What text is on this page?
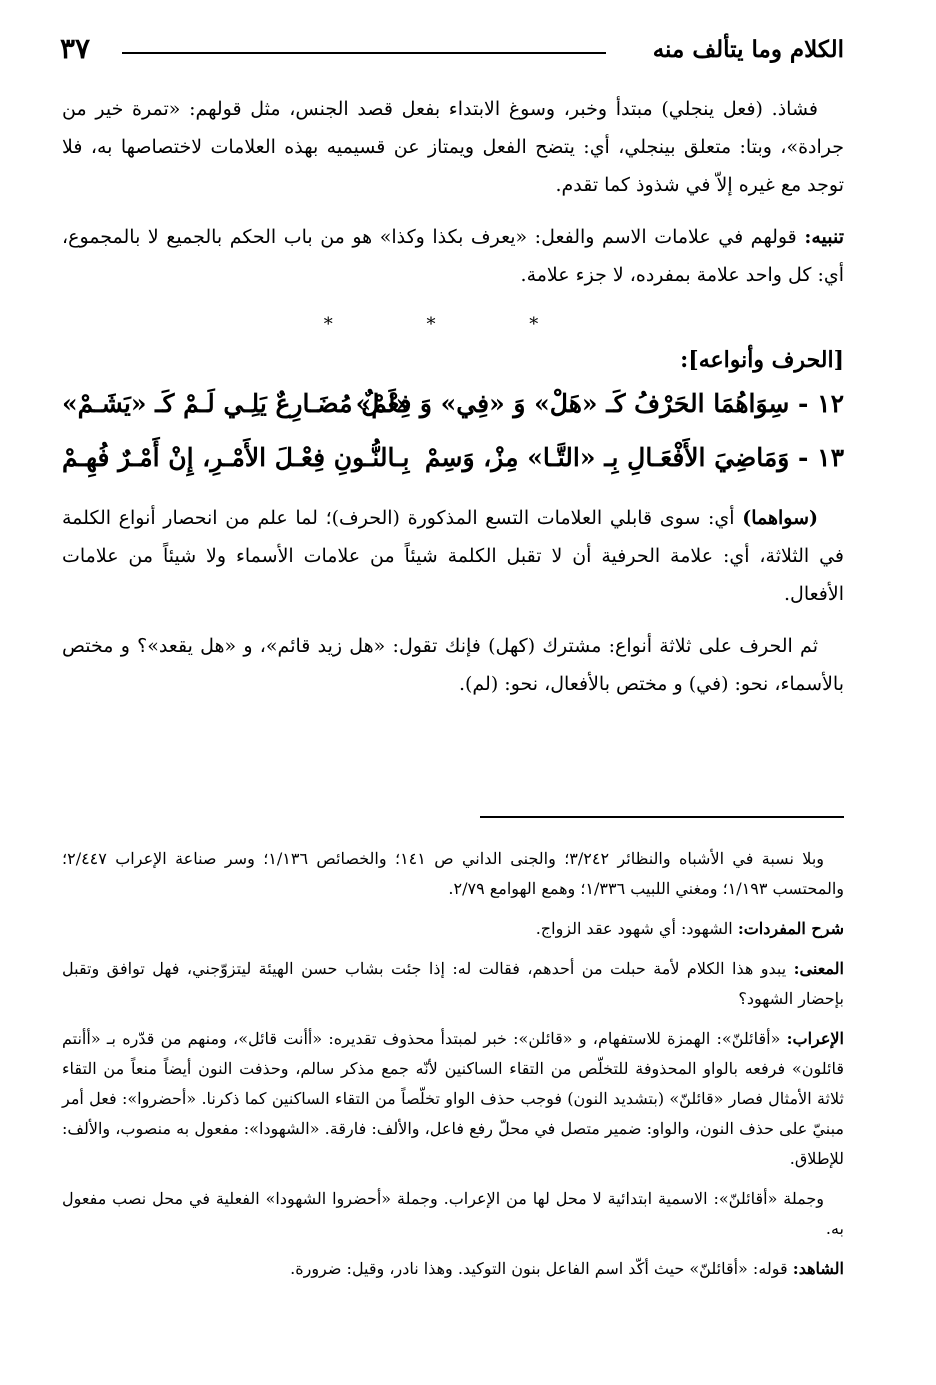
الكلام وما يتألف منه
٣٧

فشاذ. (فعل ينجلي) مبتدأ وخبر، وسوغ الابتداء بفعل قصد الجنس، مثل قولهم: «تمرة خير من جرادة»، وبتا: متعلق بينجلي، أي: يتضح الفعل ويمتاز عن قسيميه بهذه العلامات لاختصاصها به، فلا توجد مع غيره إلاّ في شذوذ كما تقدم.

تنبيه: قولهم في علامات الاسم والفعل: «يعرف بكذا وكذا» هو من باب الحكم بالجميع لا بالمجموع، أي: كل واحد علامة بمفرده، لا جزء علامة.

* * *
[الحرف وأنواعه]:
١٢ - سِوَاهُمَا الحَرْفُ كَـ «هَلْ» وَ «فِي» وَ «لَمْ»
فِعْـلٌ مُضَـارِعٌ يَلِـي لَـمْ كَـ «يَشَـمْ»
١٣ - وَمَاضِيَ الأَفْعَـالِ بِـ «التَّـا» مِزْ، وَسِمْ
بِـالنُّـونِ فِعْـلَ الأَمْـرِ، إِنْ أَمْـرٌ فُهِـمْ

(سواهما) أي: سوى قابلي العلامات التسع المذكورة (الحرف)؛ لما علم من انحصار أنواع الكلمة في الثلاثة، أي: علامة الحرفية أن لا تقبل الكلمة شيئاً من علامات الأسماء ولا شيئاً من علامات الأفعال.

ثم الحرف على ثلاثة أنواع: مشترك (كهل) فإنك تقول: «هل زيد قائم»، و «هل يقعد»؟ و مختص بالأسماء، نحو: (في) و مختص بالأفعال، نحو: (لم).

وبلا نسبة في الأشباه والنظائر ٣/٢٤٢؛ والجنى الداني ص ١٤١؛ والخصائص ١/١٣٦؛ وسر صناعة الإعراب ٢/٤٤٧؛ والمحتسب ١/١٩٣؛ ومغني اللبيب ١/٣٣٦؛ وهمع الهوامع ٢/٧٩.

شرح المفردات: الشهود: أي شهود عقد الزواج.

المعنى: يبدو هذا الكلام لأمة حبلت من أحدهم، فقالت له: إذا جئت بشاب حسن الهيئة ليتزوّجني، فهل توافق وتقبل بإحضار الشهود؟

الإعراب: «أقائلنّ»: الهمزة للاستفهام، و «قائلن»: خبر لمبتدأ محذوف تقديره: «أأنت قائل»، ومنهم من قدّره بـ «أأنتم قائلون» فرفعه بالواو المحذوفة للتخلّص من التقاء الساكنين لأنّه جمع مذكر سالم، وحذفت النون أيضاً منعاً من التقاء ثلاثة الأمثال فصار «قائلنّ» (بتشديد النون) فوجب حذف الواو تخلّصاً من التقاء الساكنين كما ذكرنا. «أحضروا»: فعل أمر مبنيّ على حذف النون، والواو: ضمير متصل في محلّ رفع فاعل، والألف: فارقة. «الشهودا»: مفعول به منصوب، والألف: للإطلاق.

وجملة «أقائلنّ»: الاسمية ابتدائية لا محل لها من الإعراب. وجملة «أحضروا الشهودا» الفعلية في محل نصب مفعول به.

الشاهد: قوله: «أقائلنّ» حيث أكّد اسم الفاعل بنون التوكيد. وهذا نادر، وقيل: ضرورة.
